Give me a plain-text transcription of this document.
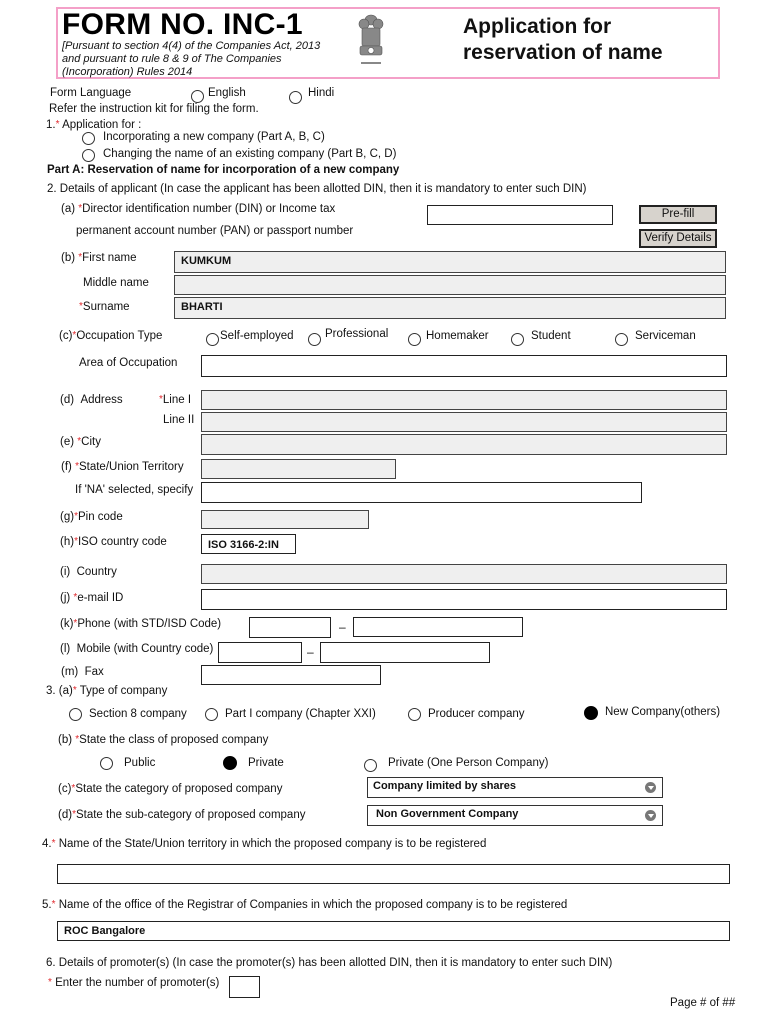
FORM NO. INC-1
[Pursuant to section 4(4) of the Companies Act, 2013
and pursuant to rule 8 & 9 of The Companies
(Incorporation) Rules 2014
Application for
reservation of name
Form Language	English	Hindi
Refer the instruction kit for filing the form.
1.* Application for :
Incorporating a new company (Part A, B, C)
Changing the name of an existing company (Part B, C, D)
Part A: Reservation of name for incorporation of a new company
2. Details of applicant (In case the applicant has been allotted DIN, then it is mandatory to enter such DIN)
(a) *Director identification number (DIN) or Income tax
permanent account number (PAN) or passport number
Pre-fill
Verify Details
(b) *First name	KUMKUM
Middle name
*Surname	BHARTI
(c)*Occupation Type	Self-employed	Professional	Homemaker	Student	Serviceman
Area of Occupation
(d) Address	*Line I
Line II
(e) *City
(f) *State/Union Territory
If 'NA' selected, specify
(g)*Pin code
(h)*ISO country code	ISO 3166-2:IN
(i) Country
(j) *e-mail ID
(k)*Phone (with STD/ISD Code)	–
(l) Mobile (with Country code)	–
(m) Fax
3. (a)* Type of company
Section 8 company	Part I company (Chapter XXI)	Producer company	New Company(others)
(b) *State the class of proposed company
Public	Private	Private (One Person Company)
(c)*State the category of proposed company	Company limited by shares
(d)*State the sub-category of proposed company	Non Government Company
4.* Name of the State/Union territory in which the proposed company is to be registered
5.* Name of the office of the Registrar of Companies in which the proposed company is to be registered
ROC Bangalore
6. Details of promoter(s) (In case the promoter(s) has been allotted DIN, then it is mandatory to enter such DIN)
* Enter the number of promoter(s)
Page # of ##
